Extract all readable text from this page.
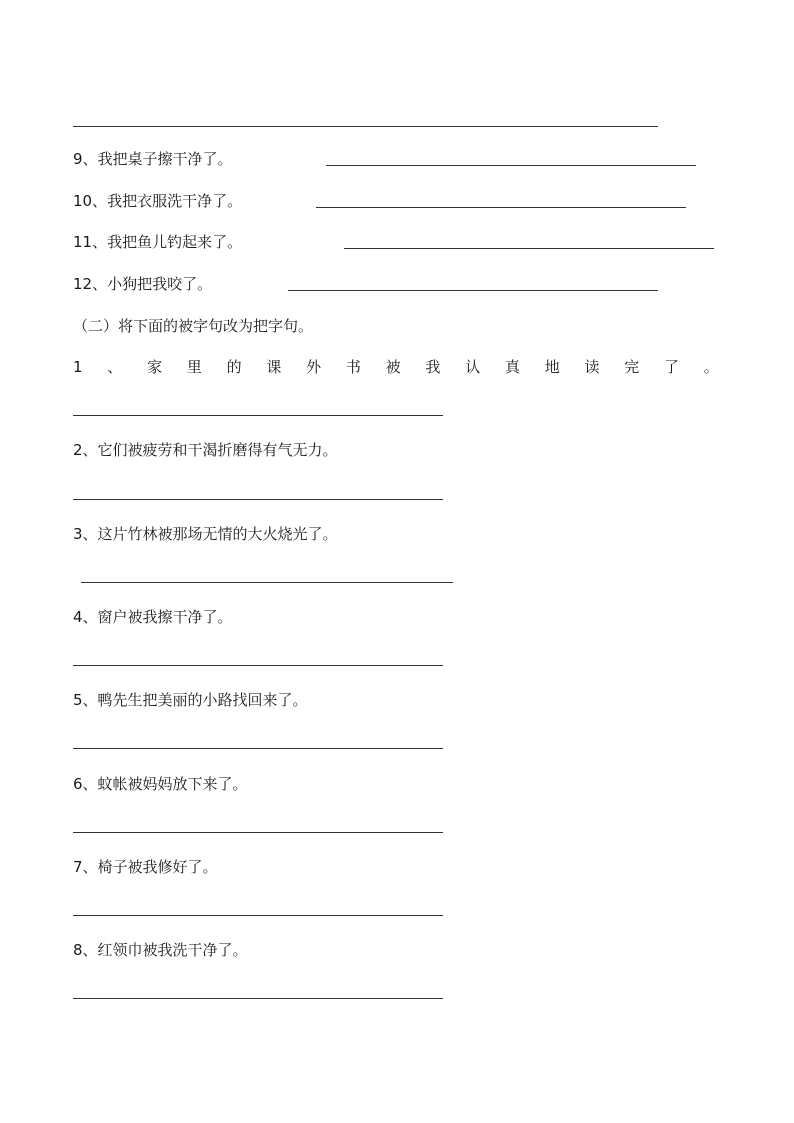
9、我把桌子擦干净了。
10、我把衣服洗干净了。
11、我把鱼儿钓起来了。
12、小狗把我咬了。
（二）将下面的被字句改为把字句。
1 、 家 里 的 课 外 书 被 我 认 真 地 读 完 了 。
2、它们被疲劳和干渴折磨得有气无力。
3、这片竹林被那场无情的大火烧光了。
4、窗户被我擦干净了。
5、鸭先生把美丽的小路找回来了。
6、蚊帐被妈妈放下来了。
7、椅子被我修好了。
8、红领巾被我洗干净了。
